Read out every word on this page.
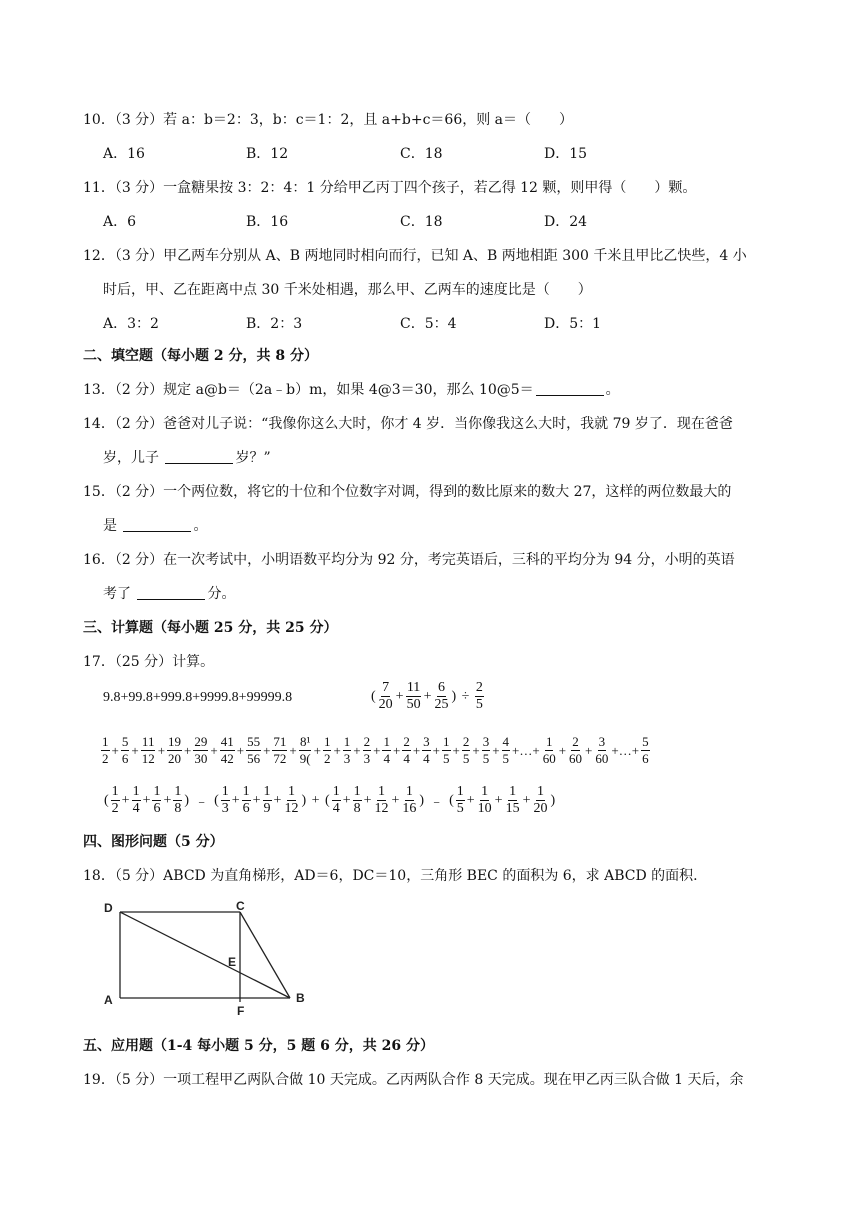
10．（3 分）若 a：b＝2：3，b：c＝1：2，且 a+b+c＝66，则 a＝（　　）
A．16	B．12	C．18	D．15
11．（3 分）一盒糖果按 3：2：4：1 分给甲乙丙丁四个孩子，若乙得 12 颗，则甲得（　　）颗。
A．6	B．16	C．18	D．24
12．（3 分）甲乙两车分别从 A、B 两地同时相向而行，已知 A、B 两地相距 300 千米且甲比乙快些，4 小
时后，甲、乙在距离中点 30 千米处相遇，那么甲、乙两车的速度比是（　　）
A．3：2	B．2：3	C．5：4	D．5：1
二、填空题（每小题 2 分，共 8 分）
13．（2 分）规定 a@b＝（2a﹣b）m，如果 4@3＝30，那么 10@5＝	。
14．（2 分）爸爸对儿子说：“我像你这么大时，你才 4 岁．当你像我这么大时，我就 79 岁了．现在爸爸
岁，儿子	岁？”
15．（2 分）一个两位数，将它的十位和个位数字对调，得到的数比原来的数大 27，这样的两位数最大的
是	。
16．（2 分）在一次考试中，小明语数平均分为 92 分，考完英语后，三科的平均分为 94 分，小明的英语
考了	分。
三、计算题（每小题 25 分，共 25 分）
17．（25 分）计算。
9.8+99.8+999.8+9999.8+99999.8	( $\frac{7}{20} + \frac{11}{50} + \frac{6}{25}$ ) ÷ $\frac{2}{5}$
$\frac{1}{2} + \frac{5}{6} + \frac{11}{12} + \frac{19}{20} + \frac{29}{30} + \frac{41}{42} + \frac{55}{56} + \frac{71}{72} + \frac{\text{8¹}}{9(} + \frac{1}{2} + \frac{1}{3} + \frac{2}{3} + \frac{1}{4} + \frac{2}{4} + \frac{3}{4} + \frac{1}{5} + \frac{2}{5} + \frac{3}{5} + \frac{4}{5}$ +…+ $\frac{1}{60} + \frac{2}{60} + \frac{3}{60}$ +…+ $\frac{5}{6}$
( $\frac{1}{2} + \frac{1}{4} + \frac{1}{6} + \frac{1}{8}$ ) ﹣ ( $\frac{1}{3} + \frac{1}{6} + \frac{1}{9} + \frac{1}{12}$ ) + ( $\frac{1}{4} + \frac{1}{8} + \frac{1}{12} + \frac{1}{16}$ ) ﹣ ( $\frac{1}{5} + \frac{1}{10} + \frac{1}{15} + \frac{1}{20}$ )
四、图形问题（5 分）
18．（5 分）ABCD 为直角梯形，AD＝6，DC＝10，三角形 BEC 的面积为 6，求 ABCD 的面积.
D	C
E
A
F
B
五、应用题（1-4 每小题 5 分，5 题 6 分，共 26 分）
19．（5 分）一项工程甲乙两队合做 10 天完成。乙丙两队合作 8 天完成。现在甲乙丙三队合做 1 天后，余
